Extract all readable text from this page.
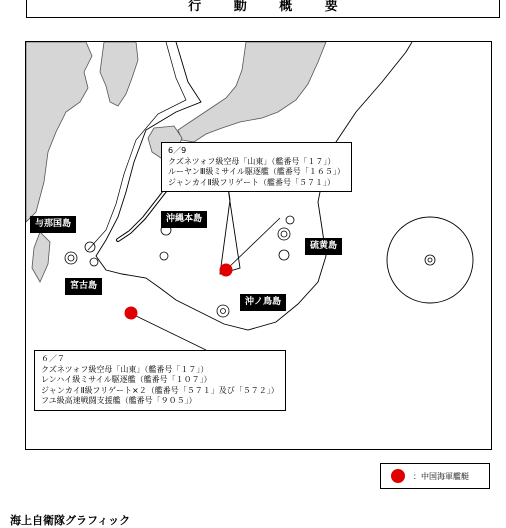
行 動 概 要
与那国島
宮古島
沖縄本島
硫黄島
沖ノ鳥島
6／9
クズネツォフ級空母「山東」（艦番号「１７」）
ルーヤンⅢ級ミサイル駆逐艦（艦番号「１６５」）
ジャンカイⅡ級フリゲート（艦番号「５７１」）
６／７
クズネツォフ級空母「山東」（艦番号「１７」）
レンハイ級ミサイル駆逐艦（艦番号「１０７」）
ジャンカイⅡ級フリゲート×２（艦番号「５７１」及び「５７２」）
フユ級高速戦闘支援艦（艦番号「９０５」）
：中国海軍艦艇
海上自衛隊グラフィック
